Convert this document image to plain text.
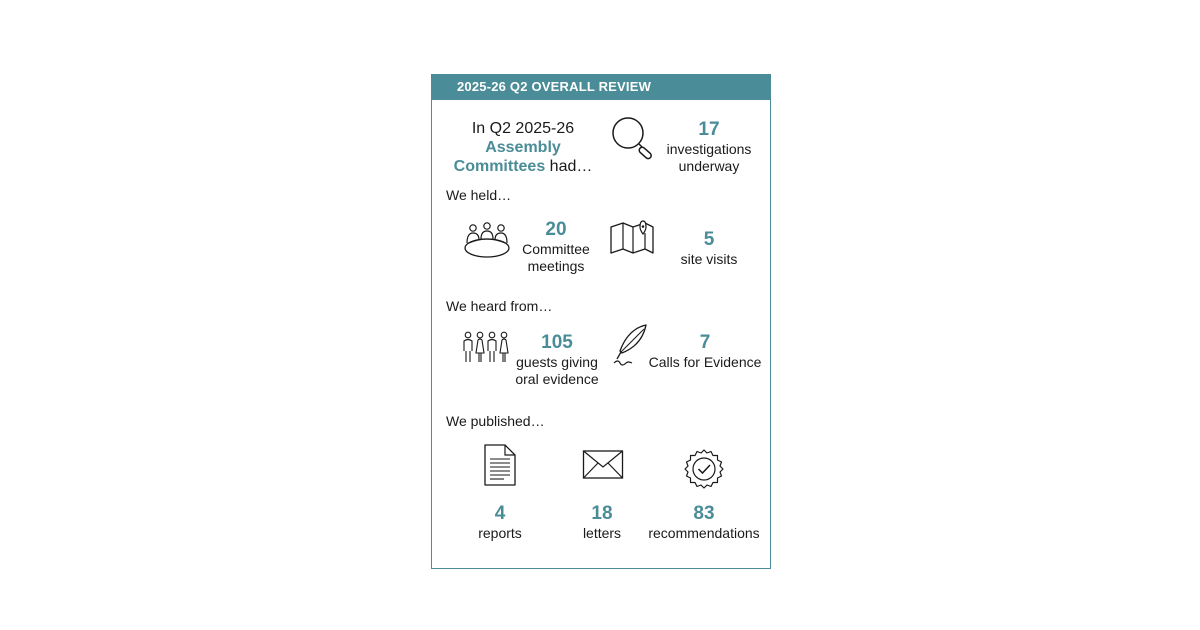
2025-26 Q2 OVERALL REVIEW
In Q2 2025-26
Assembly
Committees had…
17
investigations
underway
We held…
20
Committee
meetings
5
site visits
We heard from…
105
guests giving
oral evidence
7
Calls for Evidence
We published…
4
reports
18
letters
83
recommendations
